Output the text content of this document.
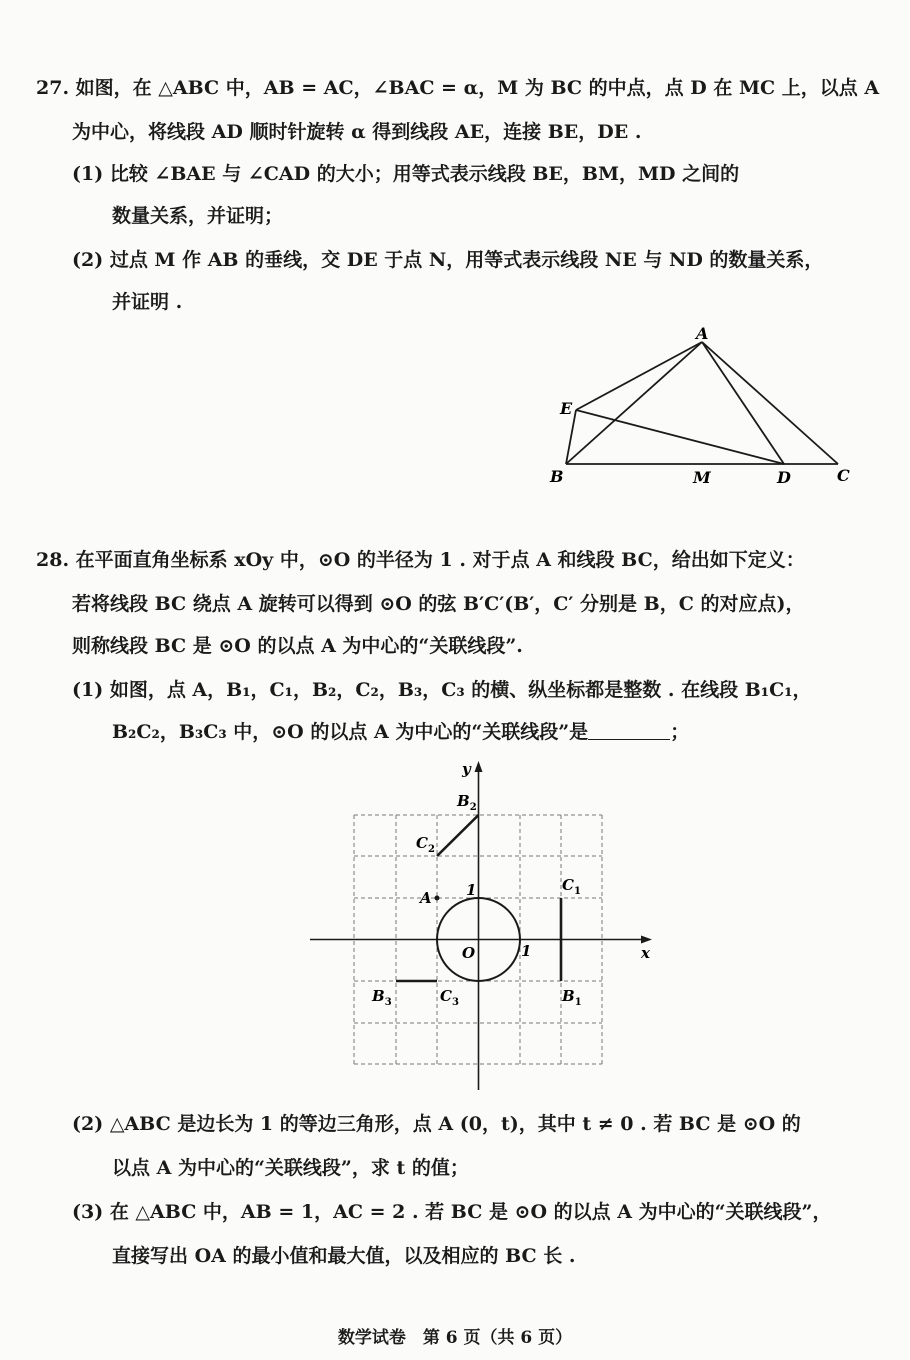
27. 如图，在 △ABC 中，AB = AC，∠BAC = α，M 为 BC 的中点，点 D 在 MC 上，以点 A

为中心，将线段 AD 顺时针旋转 α 得到线段 AE，连接 BE，DE .

(1) 比较 ∠BAE 与 ∠CAD 的大小；用等式表示线段 BE，BM，MD 之间的

数量关系，并证明；

(2) 过点 M 作 AB 的垂线，交 DE 于点 N，用等式表示线段 NE 与 ND 的数量关系，

并证明 .

A
E
B	M	D	C

28. 在平面直角坐标系 xOy 中，⊙O 的半径为 1 . 对于点 A 和线段 BC，给出如下定义：

若将线段 BC 绕点 A 旋转可以得到 ⊙O 的弦 B′C′(B′，C′ 分别是 B，C 的对应点)，

则称线段 BC 是 ⊙O 的以点 A 为中心的“关联线段”.

(1) 如图，点 A，B₁，C₁，B₂，C₂，B₃，C₃ 的横、纵坐标都是整数 . 在线段 B₁C₁，

B₂C₂，B₃C₃ 中，⊙O 的以点 A 为中心的“关联线段”是	；

y
x
O	1
1
A
$B_2$
$C_2$
$C_1$
$B_1$
$B_3$	$C_3$

(2) △ABC 是边长为 1 的等边三角形，点 A (0，t)，其中 t ≠ 0 . 若 BC 是 ⊙O 的

以点 A 为中心的“关联线段”，求 t 的值；

(3) 在 △ABC 中，AB = 1，AC = 2 . 若 BC 是 ⊙O 的以点 A 为中心的“关联线段”，

直接写出 OA 的最小值和最大值，以及相应的 BC 长 .

数学试卷　第 6 页（共 6 页）
